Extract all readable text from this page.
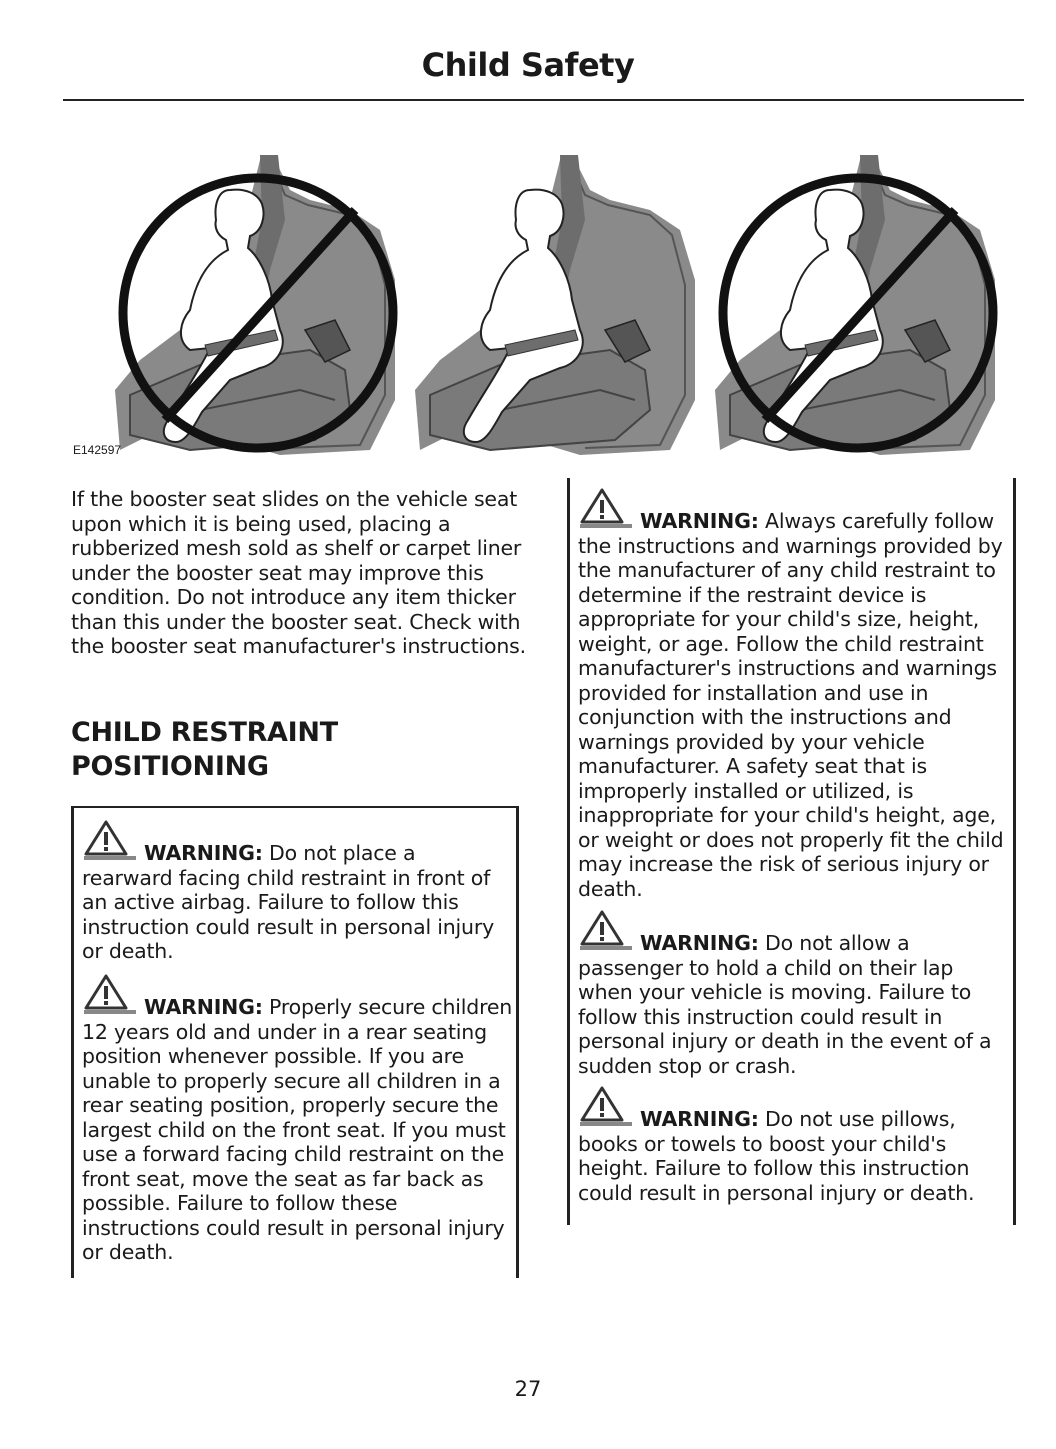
Child Safety
E142597
If the booster seat slides on the vehicle seat upon which it is being used, placing a rubberized mesh sold as shelf or carpet liner under the booster seat may improve this condition. Do not introduce any item thicker than this under the booster seat. Check with the booster seat manufacturer's instructions.
CHILD RESTRAINT
POSITIONING
WARNING: Do not place a rearward facing child restraint in front of an active airbag. Failure to follow this instruction could result in personal injury or death.
WARNING: Properly secure children 12 years old and under in a rear seating position whenever possible. If you are unable to properly secure all children in a rear seating position, properly secure the largest child on the front seat. If you must use a forward facing child restraint on the front seat, move the seat as far back as possible. Failure to follow these instructions could result in personal injury or death.
WARNING: Always carefully follow the instructions and warnings provided by the manufacturer of any child restraint to determine if the restraint device is appropriate for your child's size, height, weight, or age. Follow the child restraint manufacturer's instructions and warnings provided for installation and use in conjunction with the instructions and warnings provided by your vehicle manufacturer. A safety seat that is improperly installed or utilized, is inappropriate for your child's height, age, or weight or does not properly fit the child may increase the risk of serious injury or death.
WARNING: Do not allow a passenger to hold a child on their lap when your vehicle is moving. Failure to follow this instruction could result in personal injury or death in the event of a sudden stop or crash.
WARNING: Do not use pillows, books or towels to boost your child's height. Failure to follow this instruction could result in personal injury or death.
27
